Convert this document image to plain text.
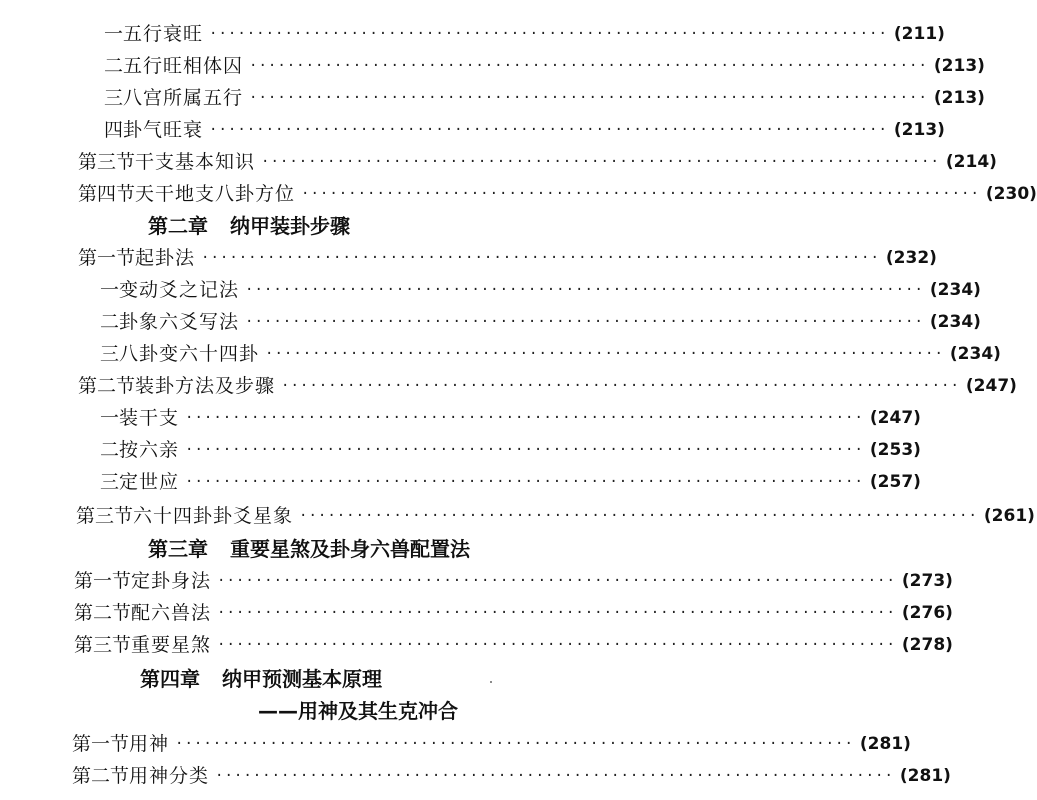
一 五行衰旺 ········································································ (211)
二 五行旺相体囚 ········································································ (213)
三 八宫所属五行 ········································································ (213)
四 卦气旺衰 ········································································ (213)
第三节 干支基本知识 ········································································ (214)
第四节 天干地支八卦方位 ········································································ (230)
第二章 纳甲装卦步骤
第一节 起卦法 ········································································ (232)
一 变动爻之记法 ········································································ (234)
二 卦象六爻写法 ········································································ (234)
三 八卦变六十四卦 ········································································ (234)
第二节 装卦方法及步骤 ········································································ (247)
一 装干支 ········································································ (247)
二 按六亲 ········································································ (253)
三 定世应 ········································································ (257)
第三节 六十四卦卦爻星象 ········································································ (261)
第三章 重要星煞及卦身六兽配置法
第一节 定卦身法 ········································································ (273)
第二节 配六兽法 ········································································ (276)
第三节 重要星煞 ········································································ (278)
第四章 纳甲预测基本原理
——用神及其生克冲合
第一节 用神 ········································································ (281)
第二节 用神分类 ········································································ (281)
